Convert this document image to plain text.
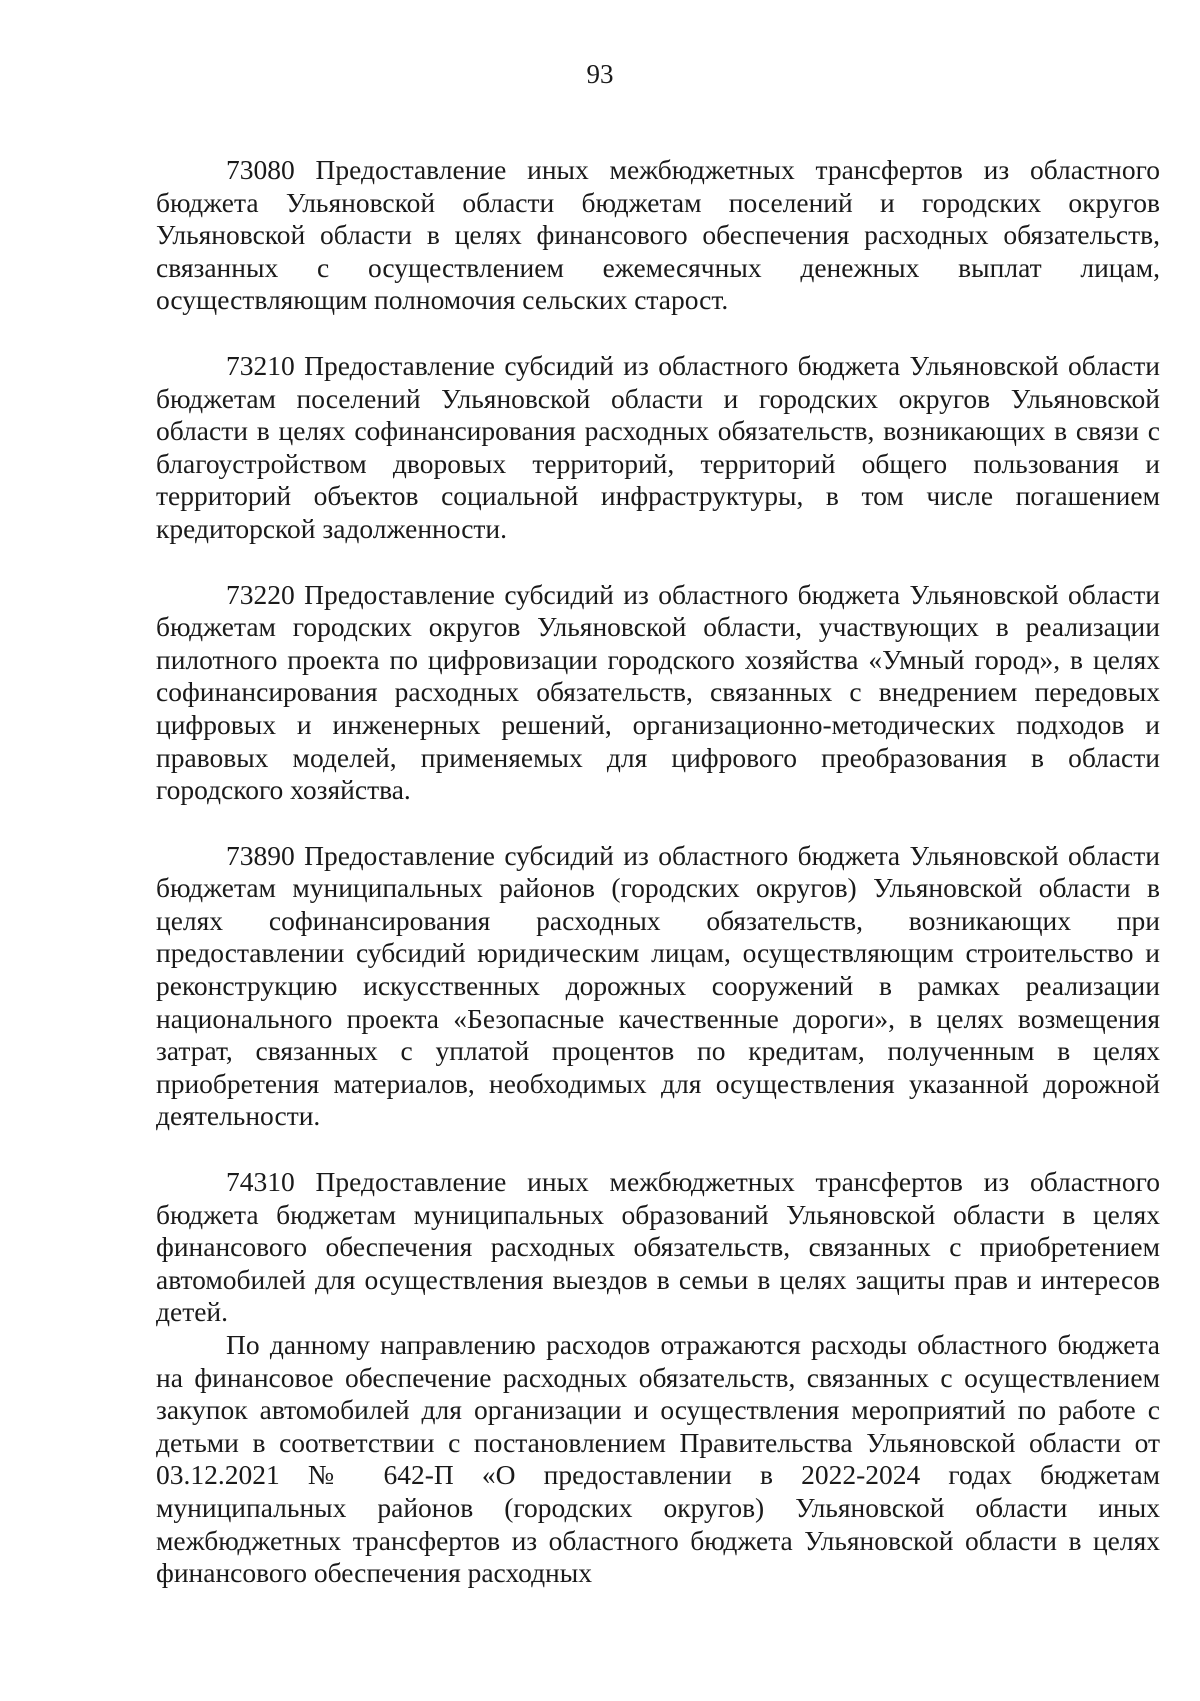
93

73080 Предоставление иных межбюджетных трансфертов из областного бюджета Ульяновской области бюджетам поселений и городских округов Ульяновской области в целях финансового обеспечения расходных обязательств, связанных с осуществлением ежемесячных денежных выплат лицам, осуществляющим полномочия сельских старост.

73210 Предоставление субсидий из областного бюджета Ульяновской области бюджетам поселений Ульяновской области и городских округов Ульяновской области в целях софинансирования расходных обязательств, возникающих в связи с благоустройством дворовых территорий, территорий общего пользования и территорий объектов социальной инфраструктуры, в том числе погашением кредиторской задолженности.

73220 Предоставление субсидий из областного бюджета Ульяновской области бюджетам городских округов Ульяновской области, участвующих в реализации пилотного проекта по цифровизации городского хозяйства «Умный город», в целях софинансирования расходных обязательств, связанных с внедрением передовых цифровых и инженерных решений, организационно-методических подходов и правовых моделей, применяемых для цифрового преобразования в области городского хозяйства.

73890 Предоставление субсидий из областного бюджета Ульяновской области бюджетам муниципальных районов (городских округов) Ульяновской области в целях софинансирования расходных обязательств, возникающих при предоставлении субсидий юридическим лицам, осуществляющим строительство и реконструкцию искусственных дорожных сооружений в рамках реализации национального проекта «Безопасные качественные дороги», в целях возмещения затрат, связанных с уплатой процентов по кредитам, полученным в целях приобретения материалов, необходимых для осуществления указанной дорожной деятельности.

74310 Предоставление иных межбюджетных трансфертов из областного бюджета бюджетам муниципальных образований Ульяновской области в целях финансового обеспечения расходных обязательств, связанных с приобретением автомобилей для осуществления выездов в семьи в целях защиты прав и интересов детей.

По данному направлению расходов отражаются расходы областного бюджета на финансовое обеспечение расходных обязательств, связанных с осуществлением закупок автомобилей для организации и осуществления мероприятий по работе с детьми в соответствии с постановлением Правительства Ульяновской области от 03.12.2021 № 642-П «О предоставлении в 2022-2024 годах бюджетам муниципальных районов (городских округов) Ульяновской области иных межбюджетных трансфертов из областного бюджета Ульяновской области в целях финансового обеспечения расходных
